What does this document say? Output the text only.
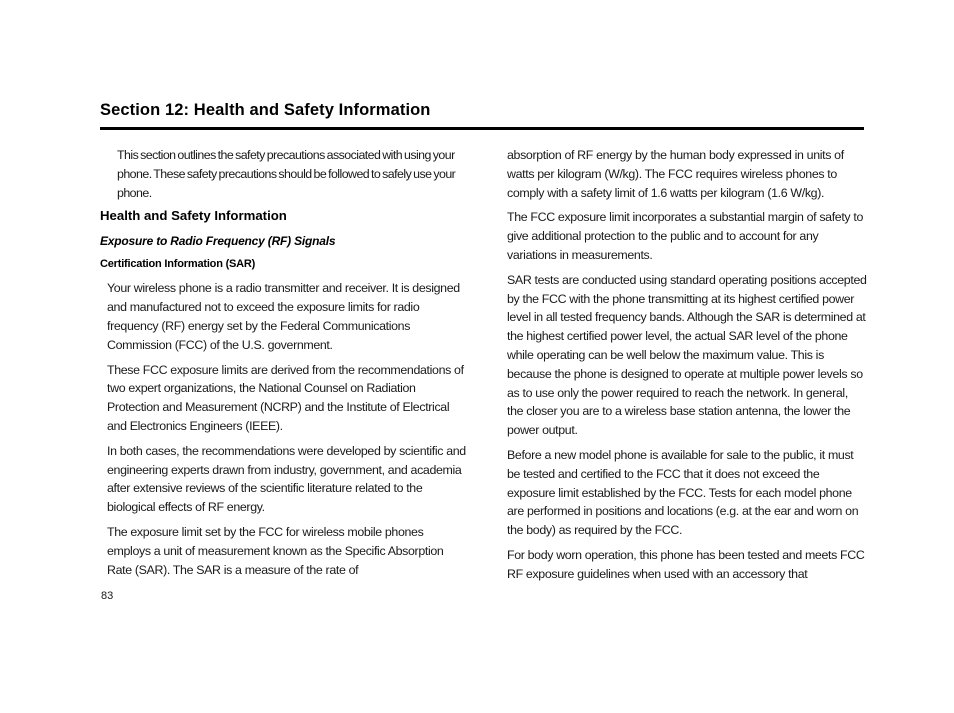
Section 12: Health and Safety Information

This section outlines the safety precautions associated with using your phone. These safety precautions should be followed to safely use your phone.

Health and Safety Information
Exposure to Radio Frequency (RF) Signals
Certification Information (SAR)

Your wireless phone is a radio transmitter and receiver. It is designed and manufactured not to exceed the exposure limits for radio frequency (RF) energy set by the Federal Communications Commission (FCC) of the U.S. government.

These FCC exposure limits are derived from the recommendations of two expert organizations, the National Counsel on Radiation Protection and Measurement (NCRP) and the Institute of Electrical and Electronics Engineers (IEEE).

In both cases, the recommendations were developed by scientific and engineering experts drawn from industry, government, and academia after extensive reviews of the scientific literature related to the biological effects of RF energy.

The exposure limit set by the FCC for wireless mobile phones employs a unit of measurement known as the Specific Absorption Rate (SAR). The SAR is a measure of the rate of

absorption of RF energy by the human body expressed in units of watts per kilogram (W/kg). The FCC requires wireless phones to comply with a safety limit of 1.6 watts per kilogram (1.6 W/kg).

The FCC exposure limit incorporates a substantial margin of safety to give additional protection to the public and to account for any variations in measurements.

SAR tests are conducted using standard operating positions accepted by the FCC with the phone transmitting at its highest certified power level in all tested frequency bands. Although the SAR is determined at the highest certified power level, the actual SAR level of the phone while operating can be well below the maximum value. This is because the phone is designed to operate at multiple power levels so as to use only the power required to reach the network. In general, the closer you are to a wireless base station antenna, the lower the power output.

Before a new model phone is available for sale to the public, it must be tested and certified to the FCC that it does not exceed the exposure limit established by the FCC. Tests for each model phone are performed in positions and locations (e.g. at the ear and worn on the body) as required by the FCC.

For body worn operation, this phone has been tested and meets FCC RF exposure guidelines when used with an accessory that

83
